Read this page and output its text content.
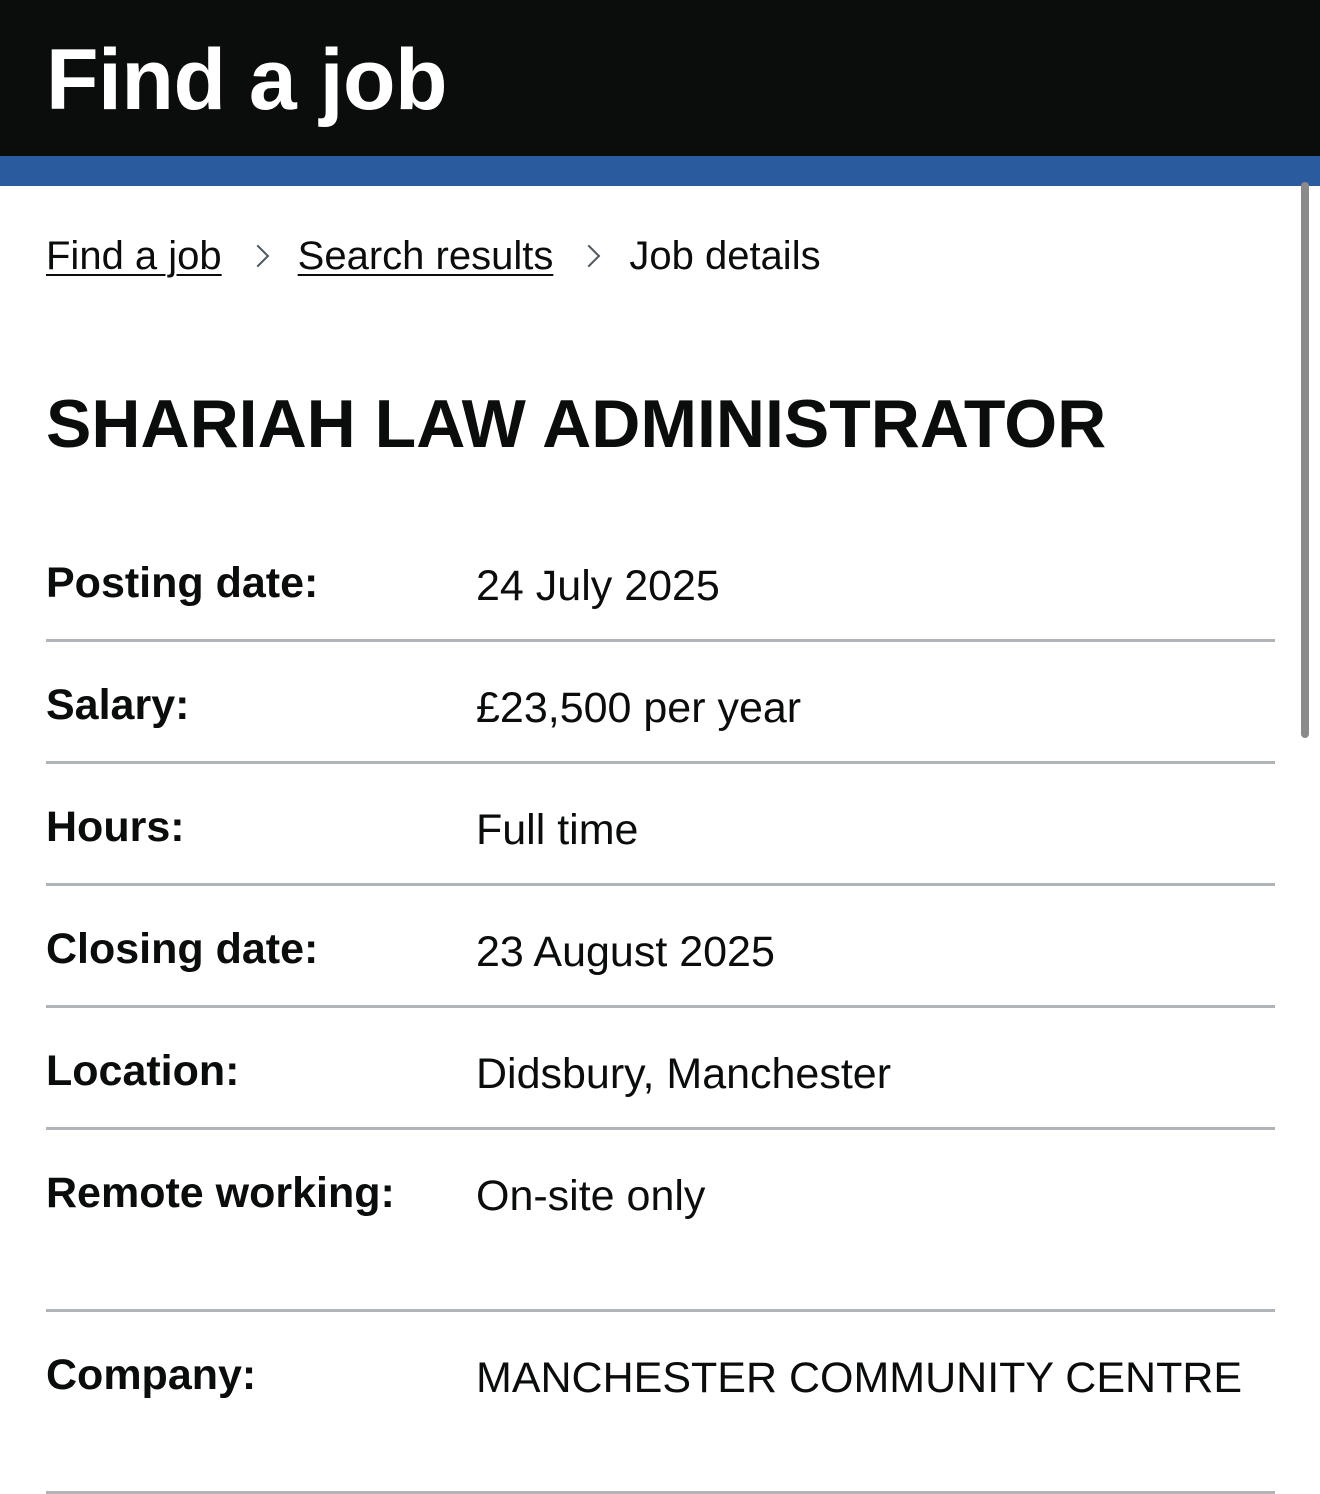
Find a job
Find a job Search results Job details
SHARIAH LAW ADMINISTRATOR
Posting date:	24 July 2025
Salary:	£23,500 per year
Hours:	Full time
Closing date:	23 August 2025
Location:	Didsbury, Manchester
Remote working:	On-site only
Company:	MANCHESTER COMMUNITY CENTRE
